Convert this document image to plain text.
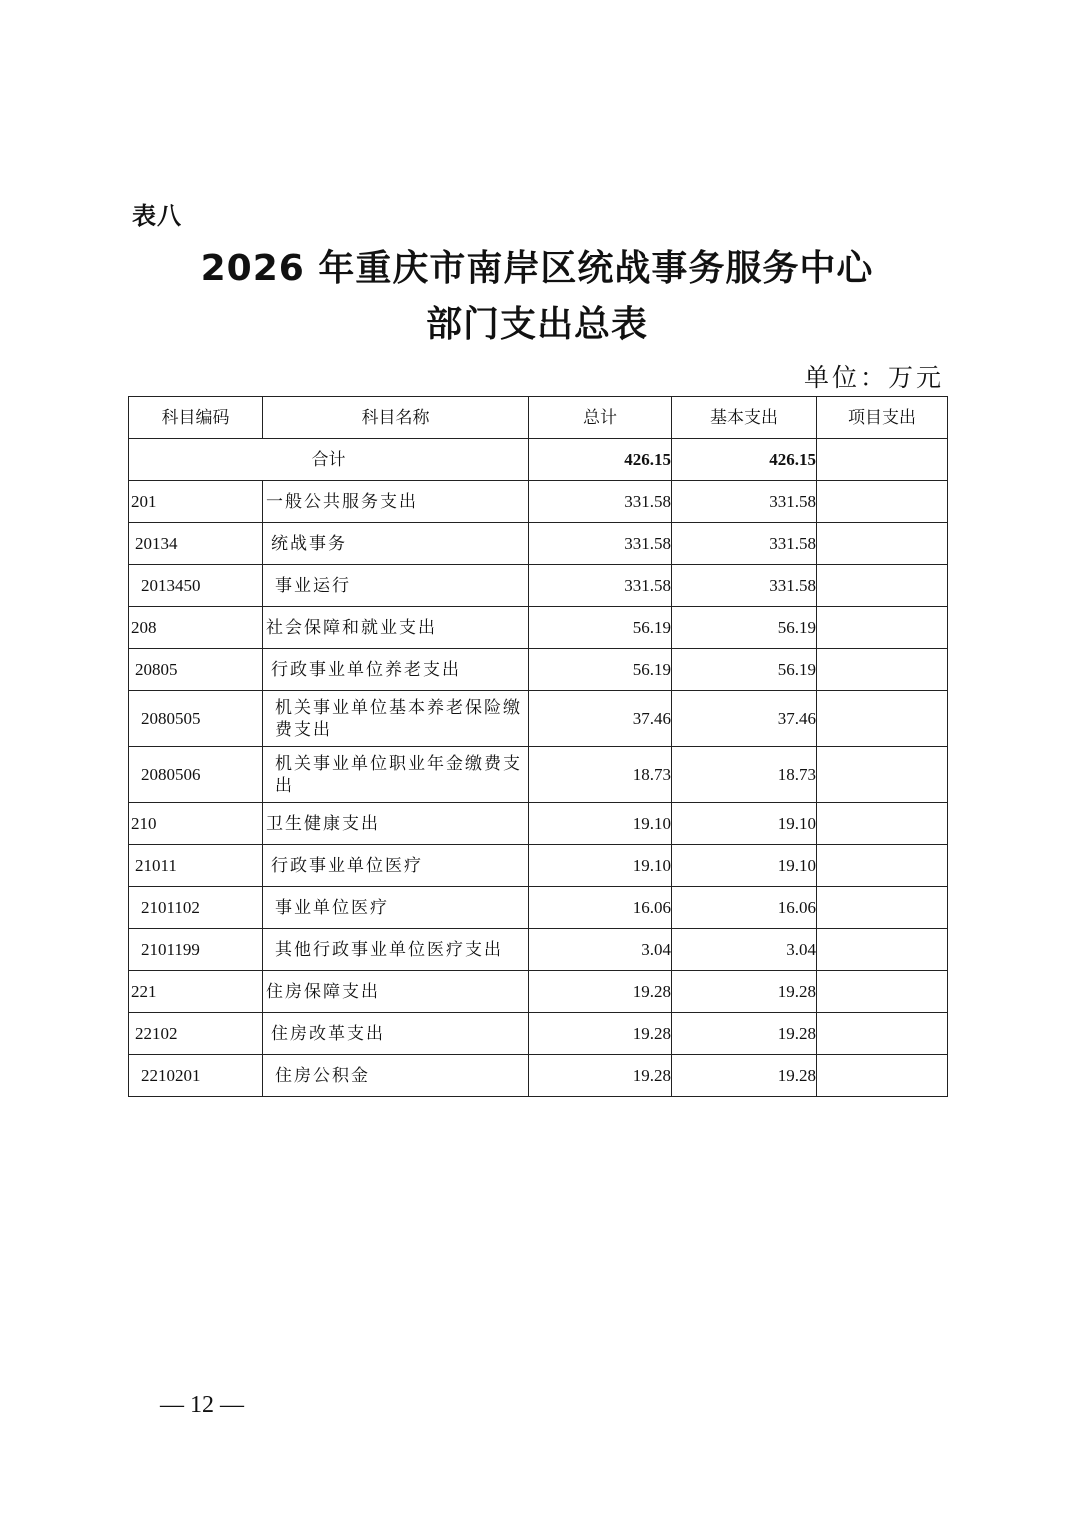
表八
2026 年重庆市南岸区统战事务服务中心
部门支出总表
单位：万元
科目编码	科目名称	总计	基本支出	项目支出
合计		426.15	426.15	
201	一般公共服务支出	331.58	331.58	
20134	统战事务	331.58	331.58	
2013450	事业运行	331.58	331.58	
208	社会保障和就业支出	56.19	56.19	
20805	行政事业单位养老支出	56.19	56.19	
2080505	机关事业单位基本养老保险缴费支出	37.46	37.46	
2080506	机关事业单位职业年金缴费支出	18.73	18.73	
210	卫生健康支出	19.10	19.10	
21011	行政事业单位医疗	19.10	19.10	
2101102	事业单位医疗	16.06	16.06	
2101199	其他行政事业单位医疗支出	3.04	3.04	
221	住房保障支出	19.28	19.28	
22102	住房改革支出	19.28	19.28	
2210201	住房公积金	19.28	19.28	
— 12 —
